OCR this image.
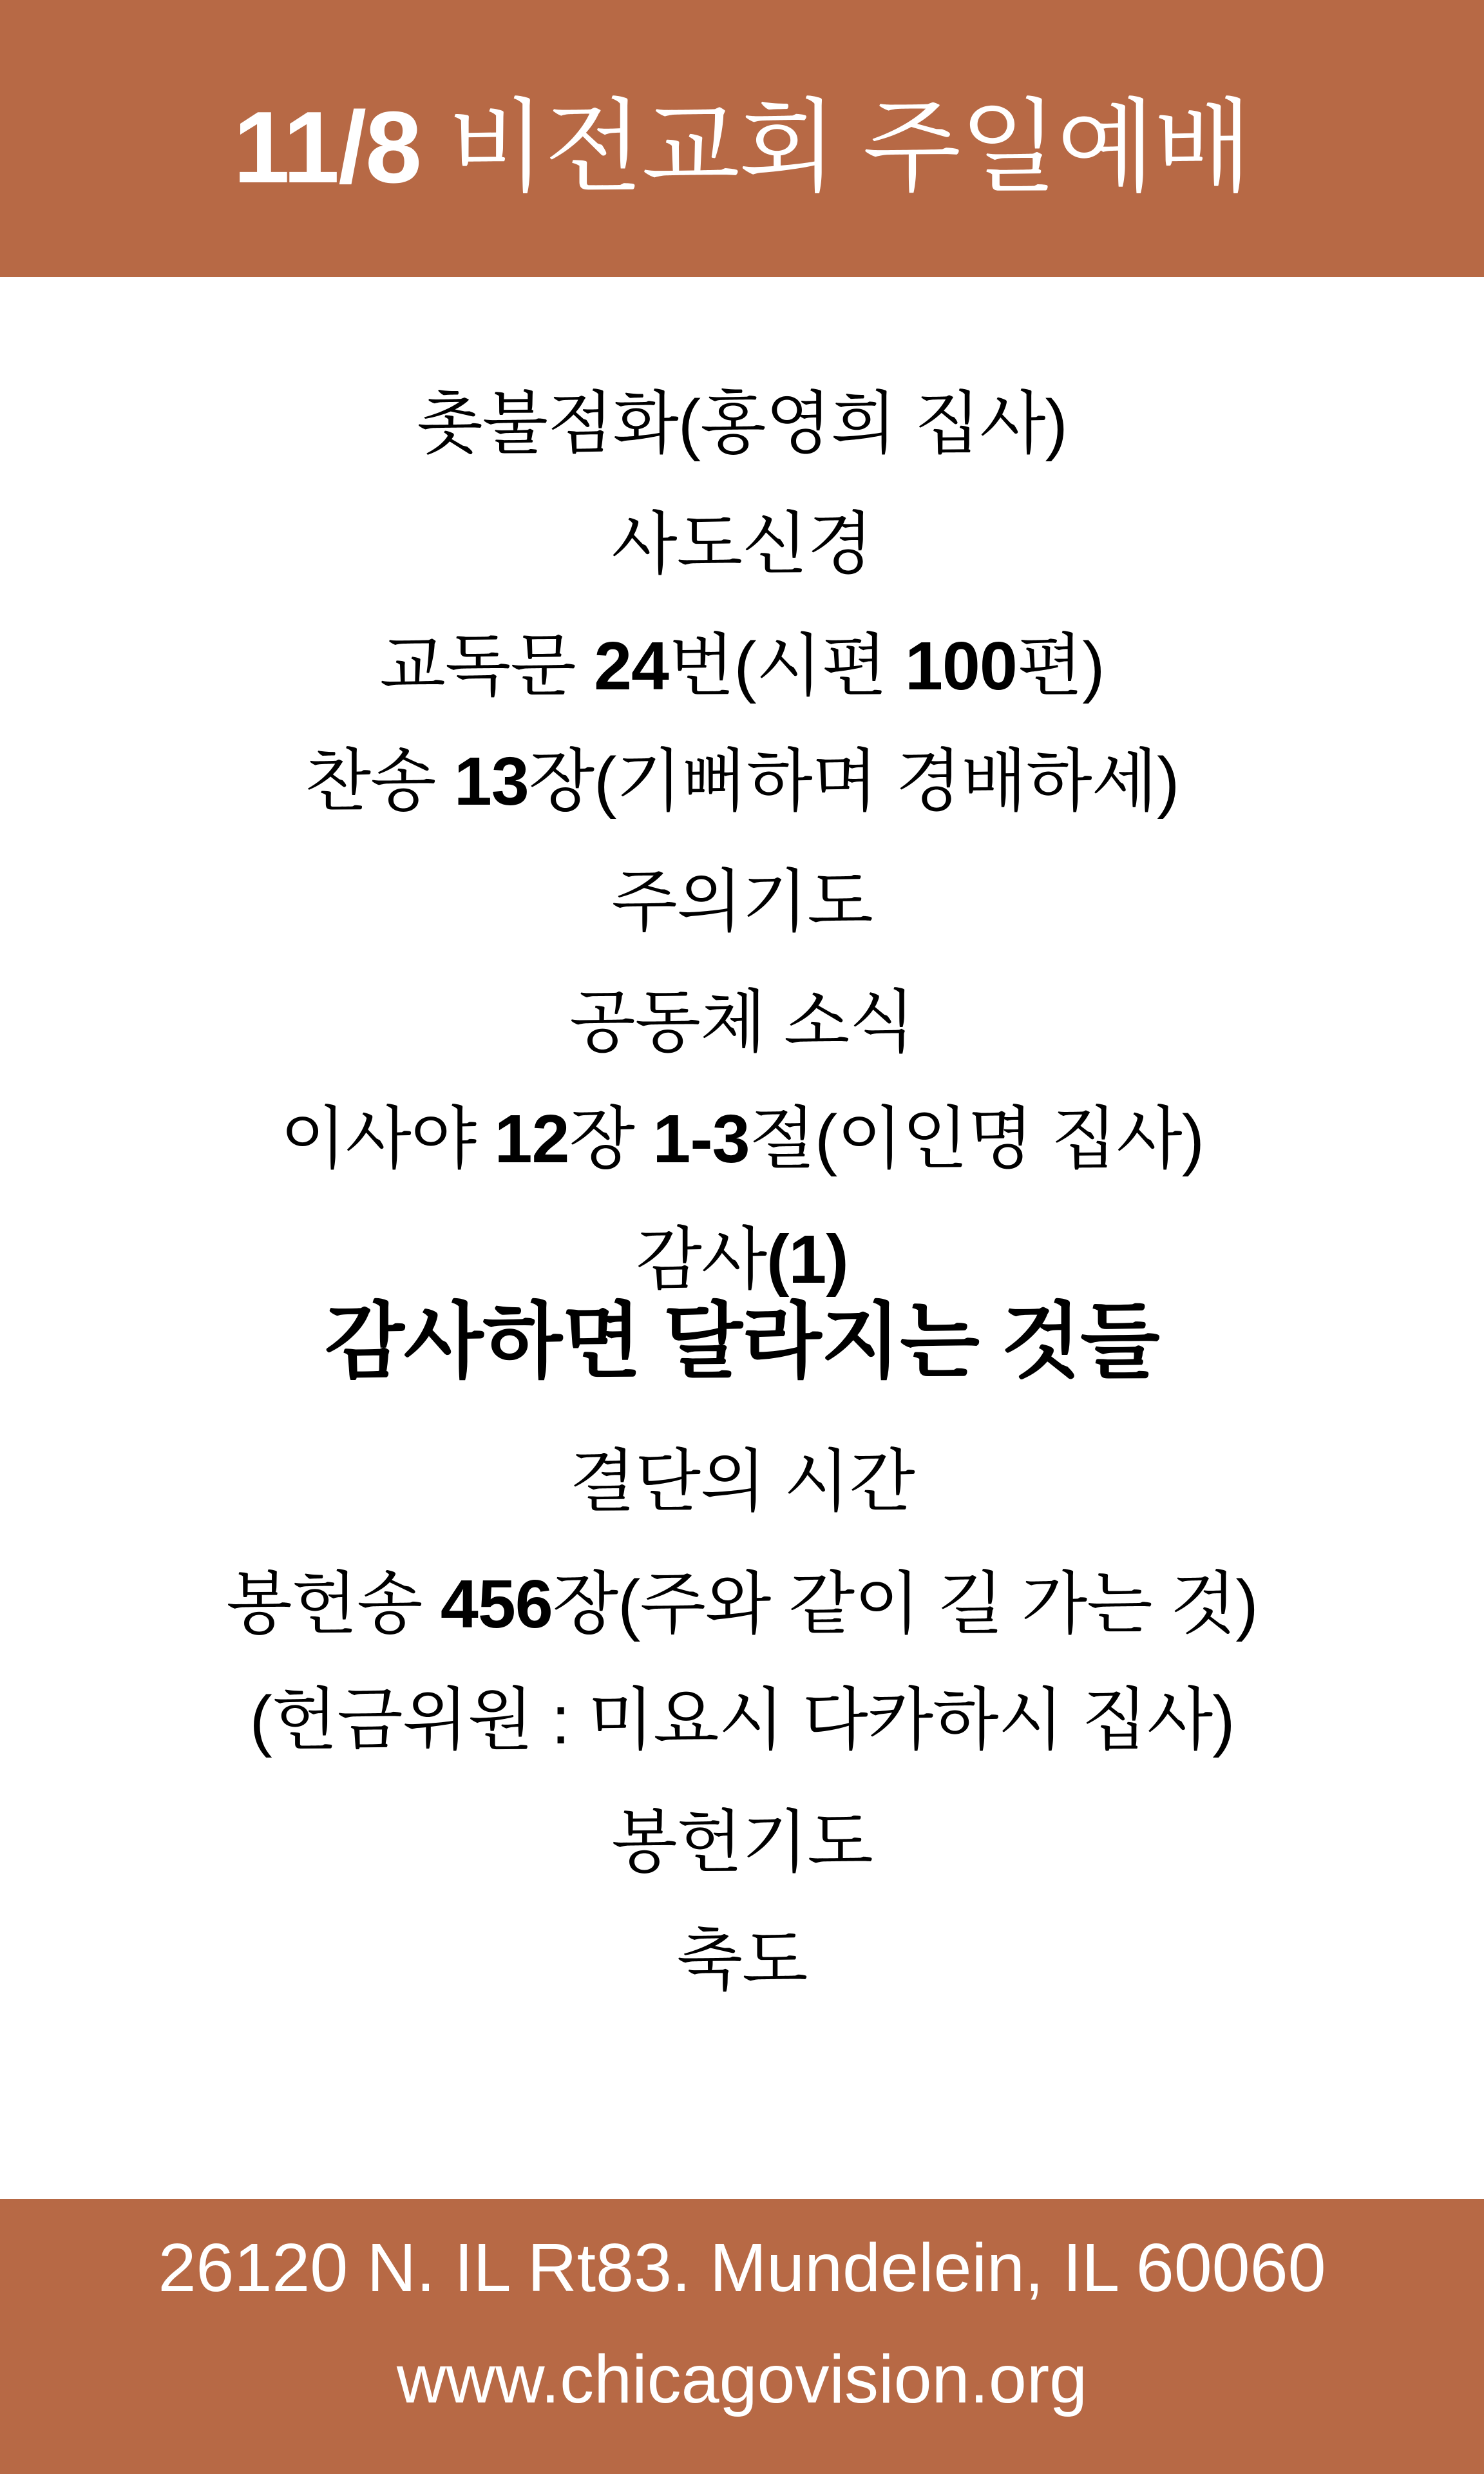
11/8 비전교회 주일예배
촛불점화(홍영희 집사)
사도신경
교독문 24번(시편 100편)
찬송 13장(기뻐하며 경배하세)
주의기도
공동체 소식
이사야 12장 1-3절(이인명 집사)
감사(1)
감사하면 달라지는 것들
결단의 시간
봉헌송 456장(주와 같이 길 가는 것)
(헌금위원 : 미요시 다카하시 집사)
봉헌기도
축도
26120 N. IL Rt83. Mundelein, IL 60060
www.chicagovision.org
